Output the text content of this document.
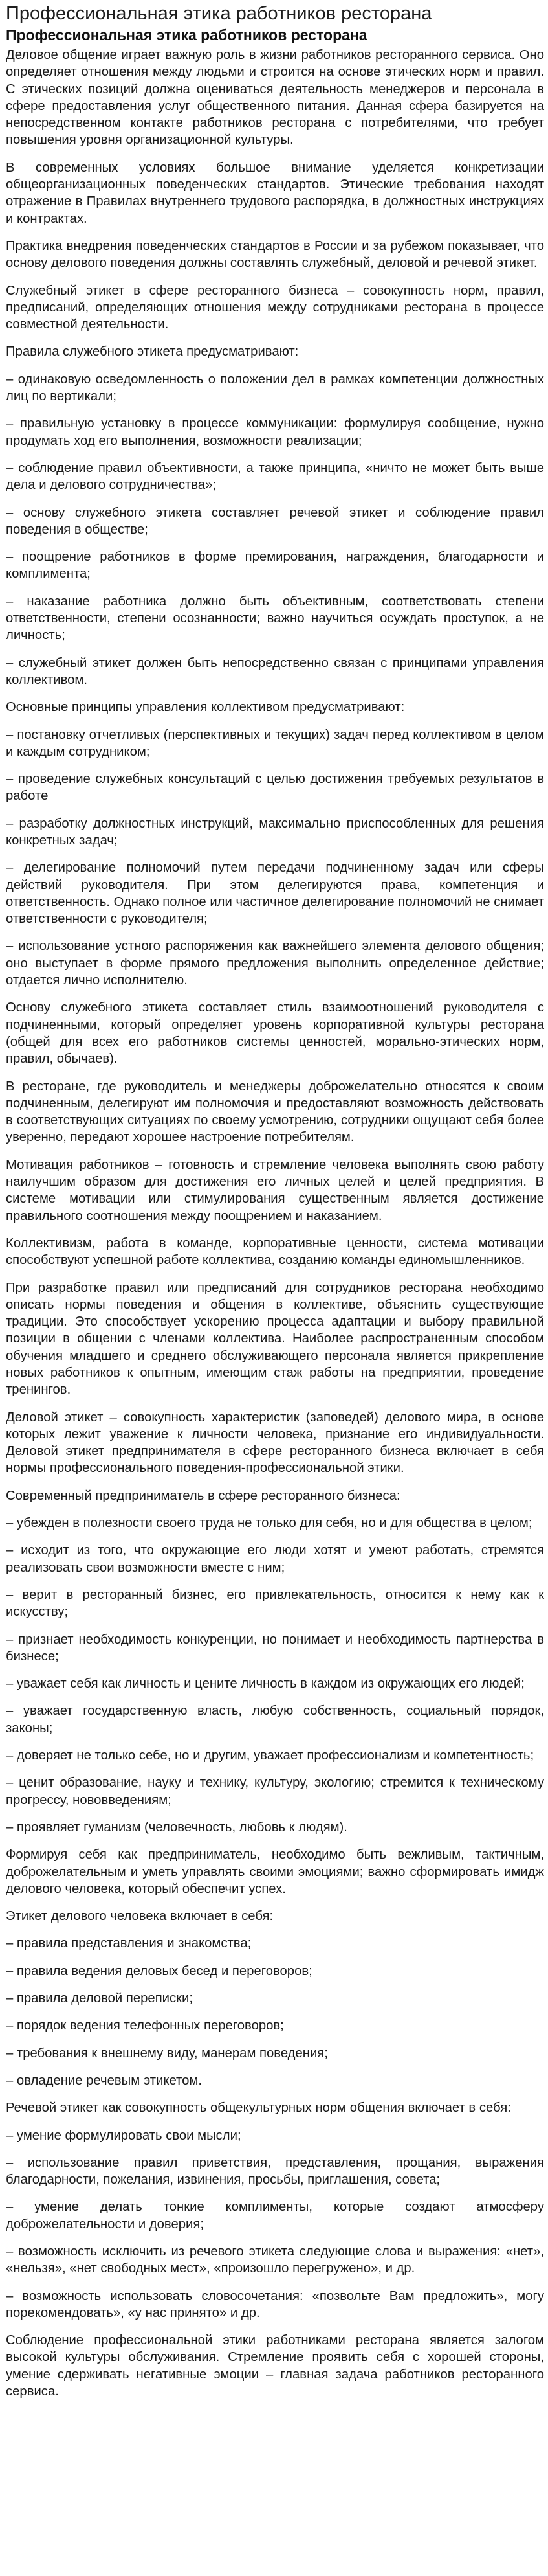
Профессиональная этика работников ресторана
Профессиональная этика работников ресторана

Деловое общение играет важную роль в жизни работников ресторанного сервиса. Оно определяет отношения между людьми и строится на основе этических норм и правил. С этических позиций должна оцениваться деятельность менеджеров и персонала в сфере предоставления услуг общественного питания. Данная сфера базируется на непосредственном контакте работников ресторана с потребителями, что требует повышения уровня организационной культуры.

В современных условиях большое внимание уделяется конкретизации общеорганизационных поведенческих стандартов. Этические требования находят отражение в Правилах внутреннего трудового распорядка, в должностных инструкциях и контрактах.

Практика внедрения поведенческих стандартов в России и за рубежом показывает, что основу делового поведения должны составлять служебный, деловой и речевой этикет.

Служебный этикет в сфере ресторанного бизнеса – совокупность норм, правил, предписаний, определяющих отношения между сотрудниками ресторана в процессе совместной деятельности.

Правила служебного этикета предусматривают:

– одинаковую осведомленность о положении дел в рамках компетенции должностных лиц по вертикали;

– правильную установку в процессе коммуникации: формулируя сообщение, нужно продумать ход его выполнения, возможности реализации;

– соблюдение правил объективности, а также принципа, «ничто не может быть выше дела и делового сотрудничества»;

– основу служебного этикета составляет речевой этикет и соблюдение правил поведения в обществе;

– поощрение работников в форме премирования, награждения, благодарности и комплимента;

– наказание работника должно быть объективным, соответствовать степени ответственности, степени осознанности; важно научиться осуждать проступок, а не личность;

– служебный этикет должен быть непосредственно связан с принципами управления коллективом.

Основные принципы управления коллективом предусматривают:

– постановку отчетливых (перспективных и текущих) задач перед коллективом в целом и каждым сотрудником;

– проведение служебных консультаций с целью достижения требуемых результатов в работе

– разработку должностных инструкций, максимально приспособленных для решения конкретных задач;

– делегирование полномочий путем передачи подчиненному задач или сферы действий руководителя. При этом делегируются права, компетенция и ответственность. Однако полное или частичное делегирование полномочий не снимает ответственности с руководителя;

– использование устного распоряжения как важнейшего элемента делового общения; оно выступает в форме прямого предложения выполнить определенное действие; отдается лично исполнителю.

Основу служебного этикета составляет стиль взаимоотношений руководителя с подчиненными, который определяет уровень корпоративной культуры ресторана (общей для всех его работников системы ценностей, морально-этических норм, правил, обычаев).

В ресторане, где руководитель и менеджеры доброжелательно относятся к своим подчиненным, делегируют им полномочия и предоставляют возможность действовать в соответствующих ситуациях по своему усмотрению, сотрудники ощущают себя более уверенно, передают хорошее настроение потребителям.

Мотивация работников – готовность и стремление человека выполнять свою работу наилучшим образом для достижения его личных целей и целей предприятия. В системе мотивации или стимулирования существенным является достижение правильного соотношения между поощрением и наказанием.

Коллективизм, работа в команде, корпоративные ценности, система мотивации способствуют успешной работе коллектива, созданию команды единомышленников.

При разработке правил или предписаний для сотрудников ресторана необходимо описать нормы поведения и общения в коллективе, объяснить существующие традиции. Это способствует ускорению процесса адаптации и выбору правильной позиции в общении с членами коллектива. Наиболее распространенным способом обучения младшего и среднего обслуживающего персонала является прикрепление новых работников к опытным, имеющим стаж работы на предприятии, проведение тренингов.

Деловой этикет – совокупность характеристик (заповедей) делового мира, в основе которых лежит уважение к личности человека, признание его индивидуальности. Деловой этикет предпринимателя в сфере ресторанного бизнеса включает в себя нормы профессионального поведения-профессиональной этики.

Современный предприниматель в сфере ресторанного бизнеса:

– убежден в полезности своего труда не только для себя, но и для общества в целом;

– исходит из того, что окружающие его люди хотят и умеют работать, стремятся реализовать свои возможности вместе с ним;

– верит в ресторанный бизнес, его привлекательность, относится к нему как к искусству;

– признает необходимость конкуренции, но понимает и необходимость партнерства в бизнесе;

– уважает себя как личность и цените личность в каждом из окружающих его людей;

– уважает государственную власть, любую собственность, социальный порядок, законы;

– доверяет не только себе, но и другим, уважает профессионализм и компетентность;

– ценит образование, науку и технику, культуру, экологию; стремится к техническому прогрессу, нововведениям;

– проявляет гуманизм (человечность, любовь к людям).

Формируя себя как предприниматель, необходимо быть вежливым, тактичным, доброжелательным и уметь управлять своими эмоциями; важно сформировать имидж делового человека, который обеспечит успех.

Этикет делового человека включает в себя:

– правила представления и знакомства;

– правила ведения деловых бесед и переговоров;

– правила деловой переписки;

– порядок ведения телефонных переговоров;

– требования к внешнему виду, манерам поведения;

– овладение речевым этикетом.

Речевой этикет как совокупность общекультурных норм общения включает в себя:

– умение формулировать свои мысли;

– использование правил приветствия, представления, прощания, выражения благодарности, пожелания, извинения, просьбы, приглашения, совета;

– умение делать тонкие комплименты, которые создают атмосферу доброжелательности и доверия;

– возможность исключить из речевого этикета следующие слова и выражения: «нет», «нельзя», «нет свободных мест», «произошло перегружено», и др.

– возможность использовать словосочетания: «позвольте Вам предложить», могу порекомендовать», «у нас принято» и др.

Соблюдение профессиональной этики работниками ресторана является залогом высокой культуры обслуживания. Стремление проявить себя с хорошей стороны, умение сдерживать негативные эмоции – главная задача работников ресторанного сервиса.
